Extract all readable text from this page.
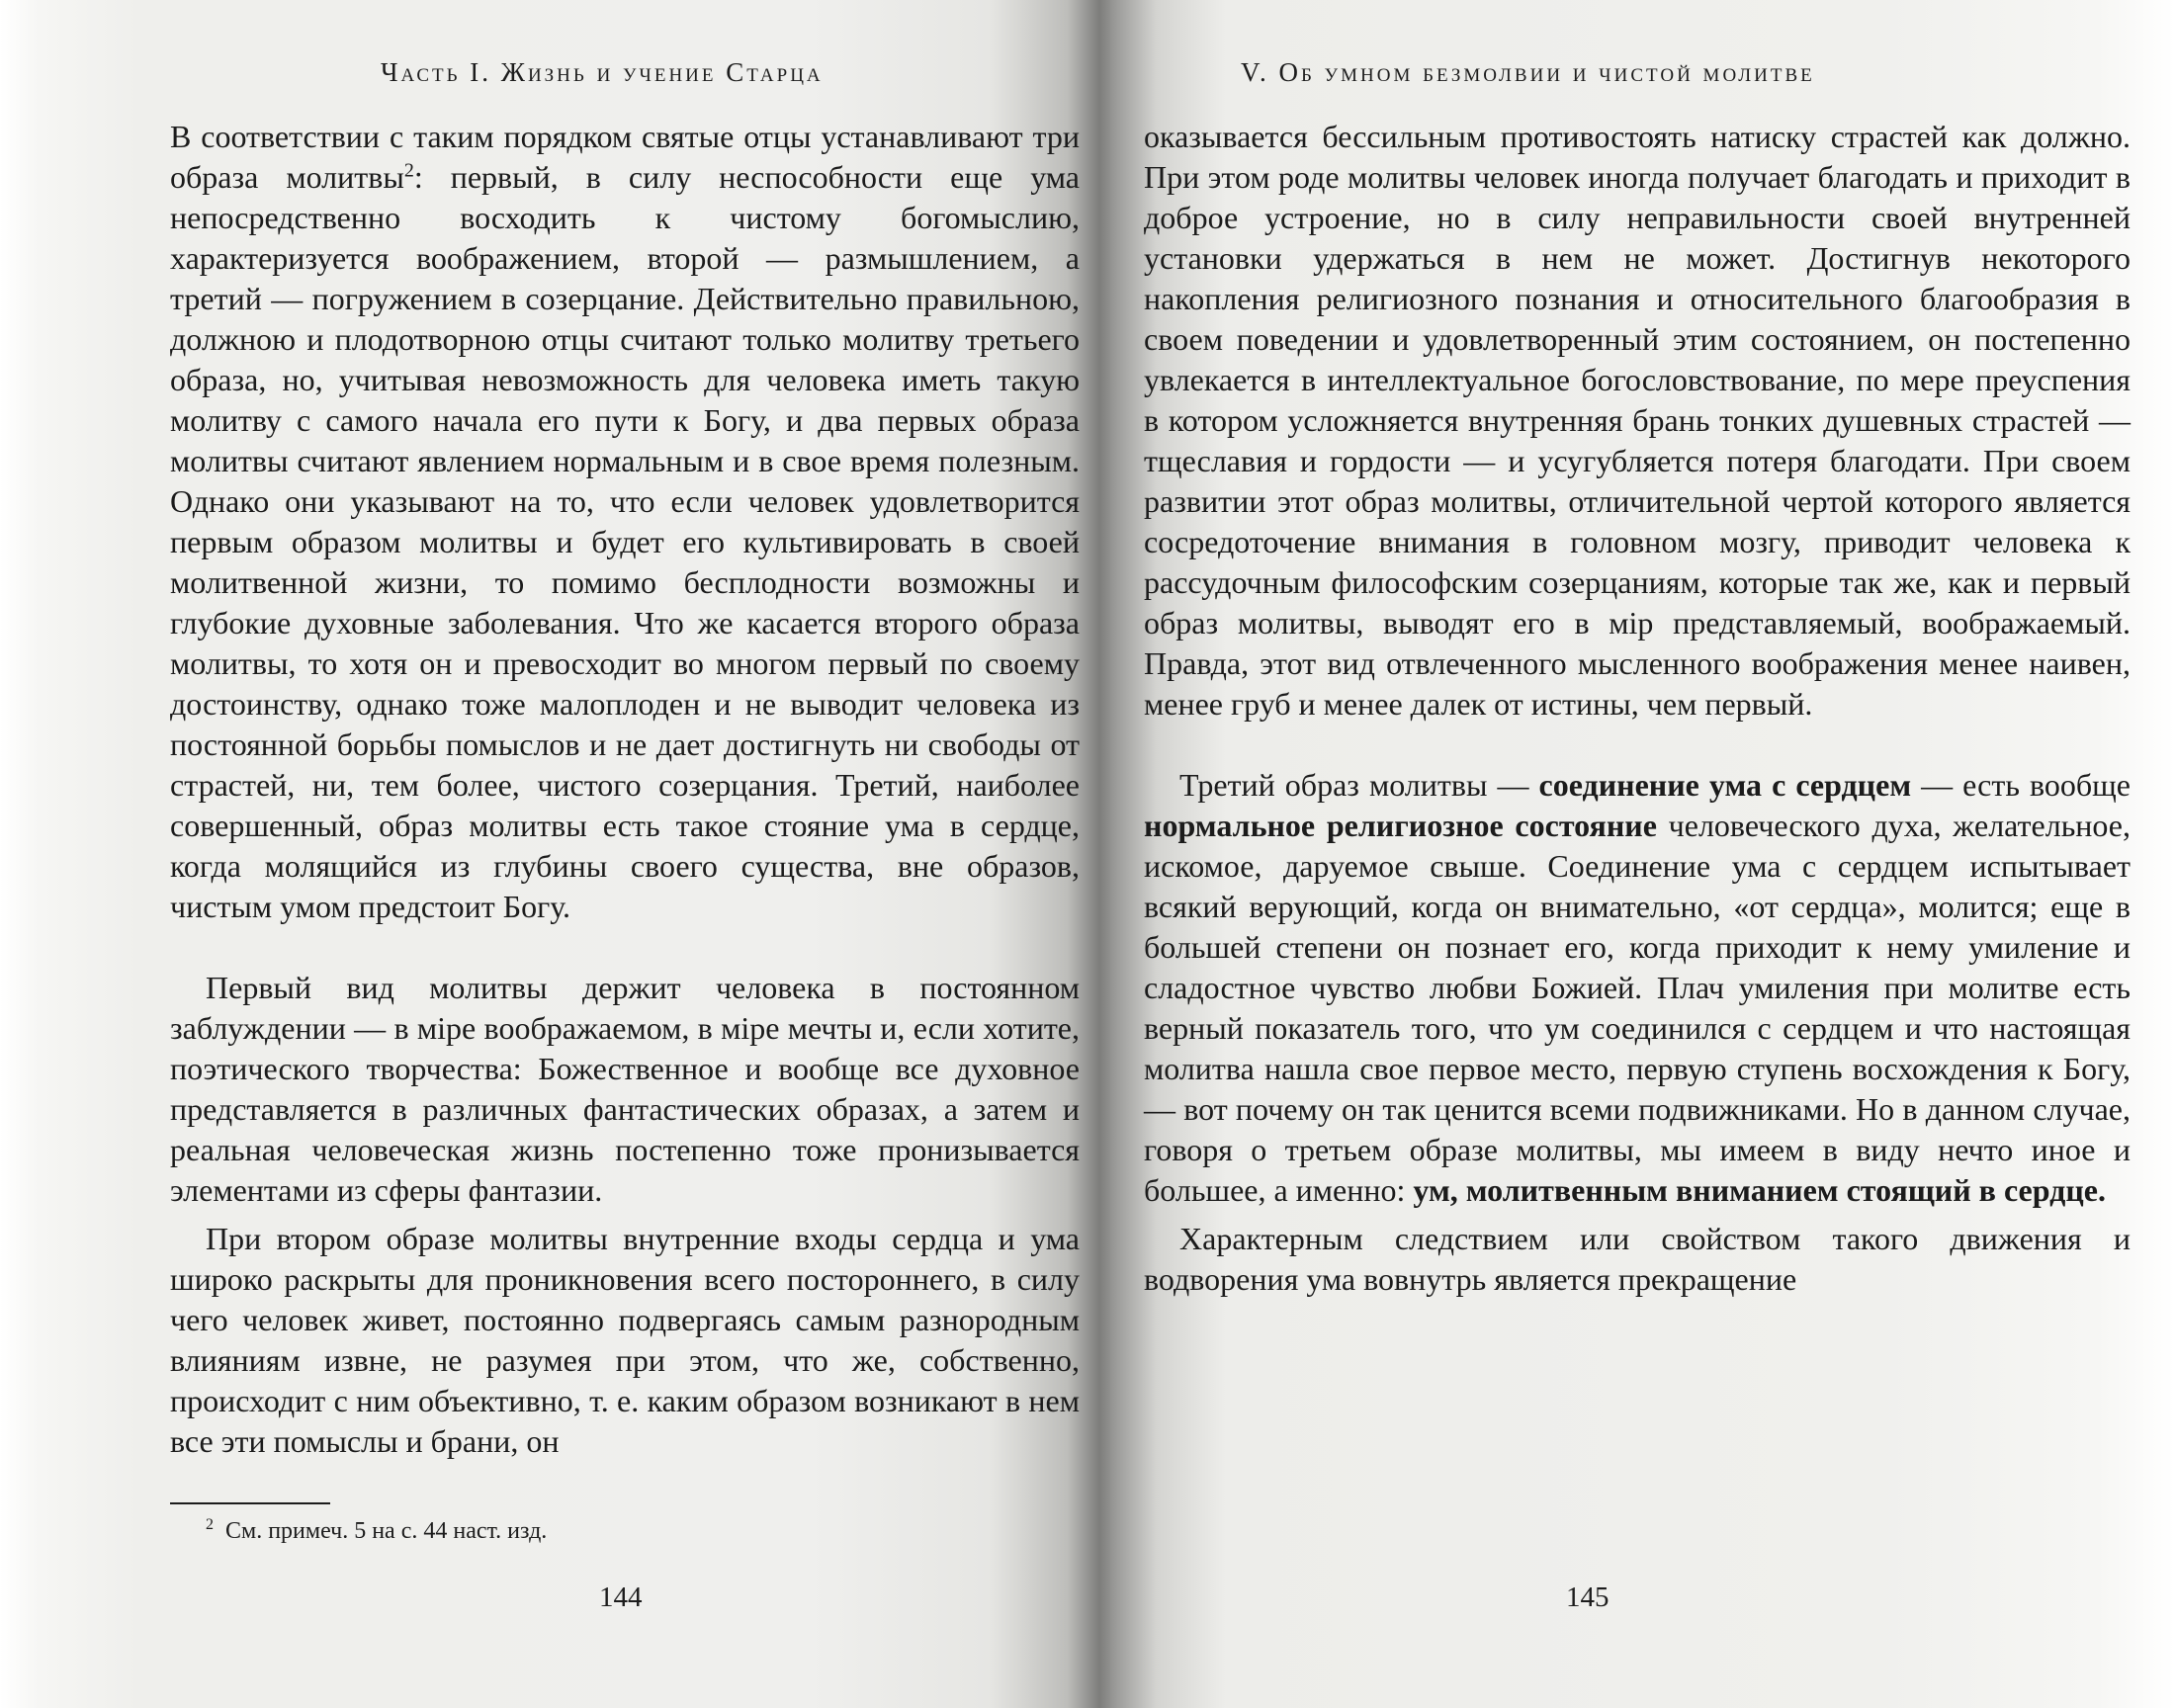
Часть I. Жизнь и учение Старца

В соответствии с таким порядком святые отцы устанавливают три образа молитвы$^2$: первый, в силу неспособности еще ума непосредственно восходить к чистому богомыслию, характеризуется воображением, второй — размышлением, а третий — погружением в созерцание. Действительно правильною, должною и плодотворною отцы считают только молитву третьего образа, но, учитывая невозможность для человека иметь такую молитву с самого начала его пути к Богу, и два первых образа молитвы считают явлением нормальным и в свое время полезным. Однако они указывают на то, что если человек удовлетворится первым образом молитвы и будет его культивировать в своей молитвенной жизни, то помимо бесплодности возможны и глубокие духовные заболевания. Что же касается второго образа молитвы, то хотя он и превосходит во многом первый по своему достоинству, однако тоже малоплоден и не выводит человека из постоянной борьбы помыслов и не дает достигнуть ни свободы от страстей, ни, тем более, чистого созерцания. Третий, наиболее совершенный, образ молитвы есть такое стояние ума в сердце, когда молящийся из глубины своего существа, вне образов, чистым умом предстоит Богу.

Первый вид молитвы держит человека в постоянном заблуждении — в міре воображаемом, в міре мечты и, если хотите, поэтического творчества: Божественное и вообще все духовное представляется в различных фантастических образах, а затем и реальная человеческая жизнь постепенно тоже пронизывается элементами из сферы фантазии.

При втором образе молитвы внутренние входы сердца и ума широко раскрыты для проникновения всего постороннего, в силу чего человек живет, постоянно подвергаясь самым разнородным влияниям извне, не разумея при этом, что же, собственно, происходит с ним объективно, т. е. каким образом возникают в нем все эти помыслы и брани, он

$^2$ См. примеч. 5 на с. 44 наст. изд.
144
V. Об умном безмолвии и чистой молитве

оказывается бессильным противостоять натиску страстей как должно. При этом роде молитвы человек иногда получает благодать и приходит в доброе устроение, но в силу неправильности своей внутренней установки удержаться в нем не может. Достигнув некоторого накопления религиозного познания и относительного благообразия в своем поведении и удовлетворенный этим состоянием, он постепенно увлекается в интеллектуальное богословствование, по мере преуспения в котором усложняется внутренняя брань тонких душевных страстей — тщеславия и гордости — и усугубляется потеря благодати. При своем развитии этот образ молитвы, отличительной чертой которого является сосредоточение внимания в головном мозгу, приводит человека к рассудочным философским созерцаниям, которые так же, как и первый образ молитвы, выводят его в мір представляемый, воображаемый. Правда, этот вид отвлеченного мысленного воображения менее наивен, менее груб и менее далек от истины, чем первый.

Третий образ молитвы — соединение ума с сердцем — есть вообще нормальное религиозное состояние человеческого духа, желательное, искомое, даруемое свыше. Соединение ума с сердцем испытывает всякий верующий, когда он внимательно, «от сердца», молится; еще в большей степени он познает его, когда приходит к нему умиление и сладостное чувство любви Божией. Плач умиления при молитве есть верный показатель того, что ум соединился с сердцем и что настоящая молитва нашла свое первое место, первую ступень восхождения к Богу, — вот почему он так ценится всеми подвижниками. Но в данном случае, говоря о третьем образе молитвы, мы имеем в виду нечто иное и большее, а именно: ум, молитвенным вниманием стоящий в сердце.

Характерным следствием или свойством такого движения и водворения ума вовнутрь является прекращение

145
